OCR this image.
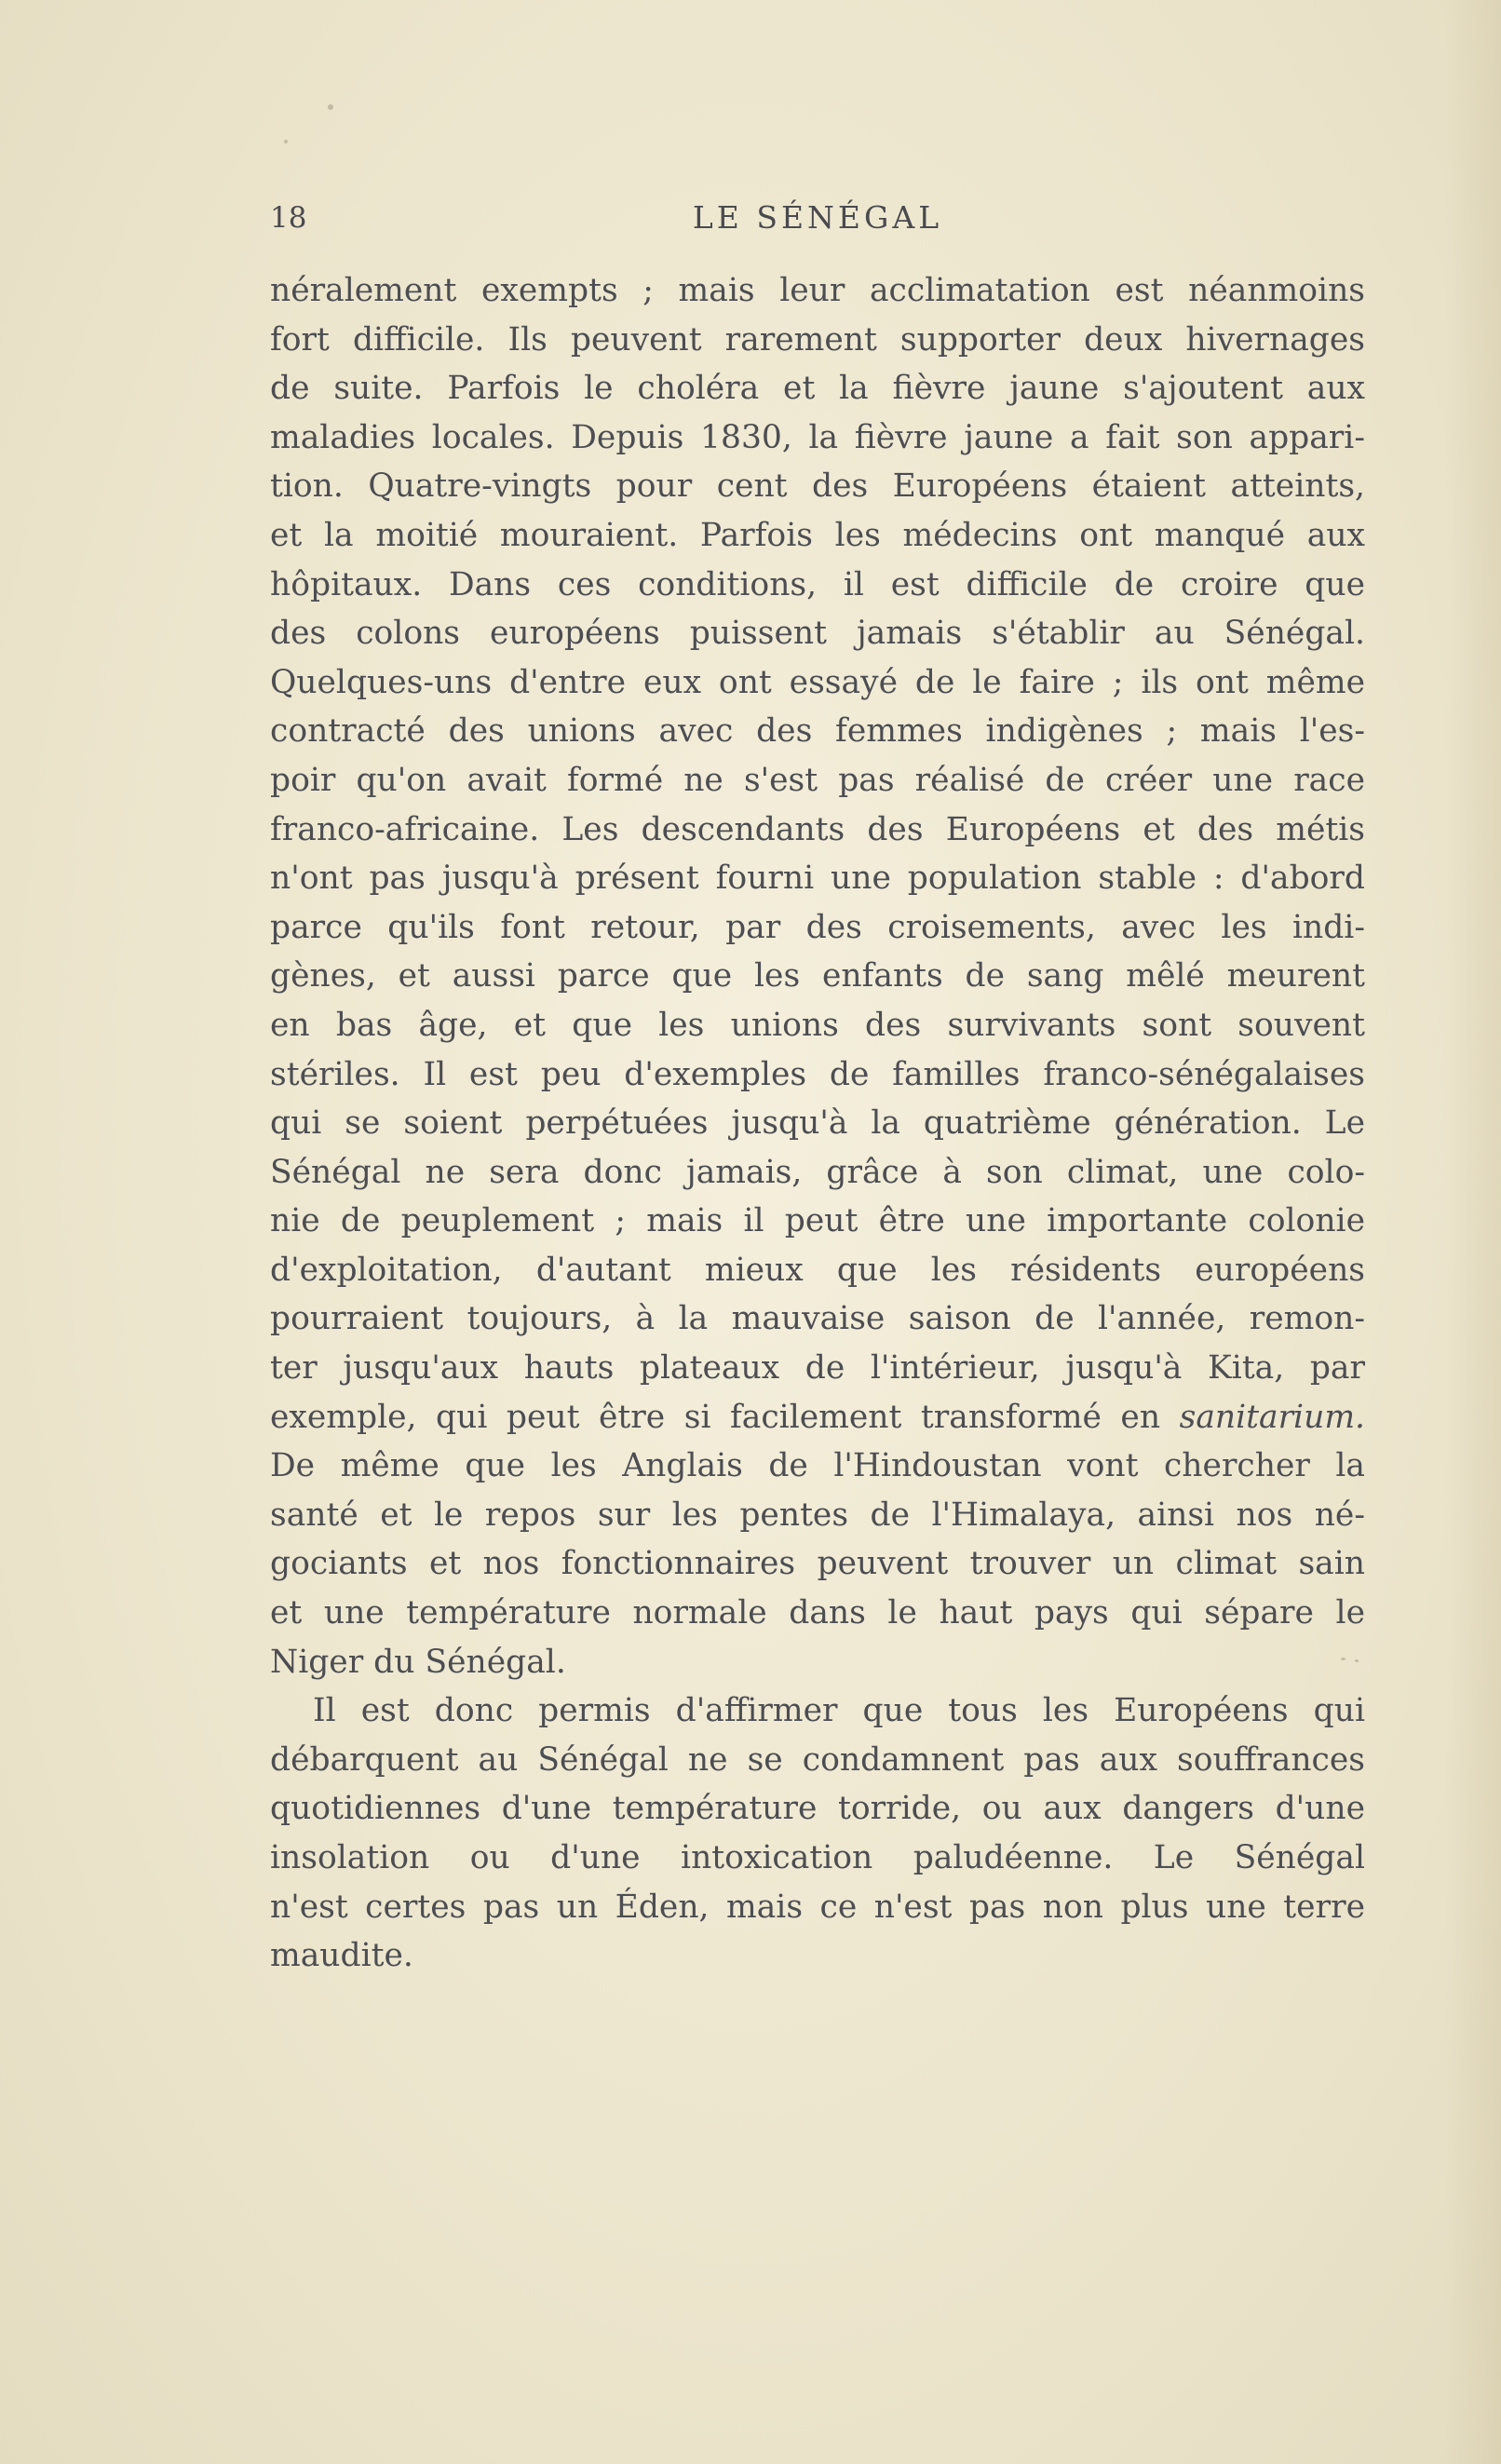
18	LE SÉNÉGAL
néralement exempts ; mais leur acclimatation est néanmoins
fort difficile. Ils peuvent rarement supporter deux hivernages
de suite. Parfois le choléra et la fièvre jaune s'ajoutent aux
maladies locales. Depuis 1830, la fièvre jaune a fait son appari-
tion. Quatre-vingts pour cent des Européens étaient atteints,
et la moitié mouraient. Parfois les médecins ont manqué aux
hôpitaux. Dans ces conditions, il est difficile de croire que
des colons européens puissent jamais s'établir au Sénégal.
Quelques-uns d'entre eux ont essayé de le faire ; ils ont même
contracté des unions avec des femmes indigènes ; mais l'es-
poir qu'on avait formé ne s'est pas réalisé de créer une race
franco-africaine. Les descendants des Européens et des métis
n'ont pas jusqu'à présent fourni une population stable : d'abord
parce qu'ils font retour, par des croisements, avec les indi-
gènes, et aussi parce que les enfants de sang mêlé meurent
en bas âge, et que les unions des survivants sont souvent
stériles. Il est peu d'exemples de familles franco-sénégalaises
qui se soient perpétuées jusqu'à la quatrième génération. Le
Sénégal ne sera donc jamais, grâce à son climat, une colo-
nie de peuplement ; mais il peut être une importante colonie
d'exploitation, d'autant mieux que les résidents européens
pourraient toujours, à la mauvaise saison de l'année, remon-
ter jusqu'aux hauts plateaux de l'intérieur, jusqu'à Kita, par
exemple, qui peut être si facilement transformé en sanitarium.
De même que les Anglais de l'Hindoustan vont chercher la
santé et le repos sur les pentes de l'Himalaya, ainsi nos né-
gociants et nos fonctionnaires peuvent trouver un climat sain
et une température normale dans le haut pays qui sépare le
Niger du Sénégal.
Il est donc permis d'affirmer que tous les Européens qui
débarquent au Sénégal ne se condamnent pas aux souffrances
quotidiennes d'une température torride, ou aux dangers d'une
insolation ou d'une intoxication paludéenne. Le Sénégal
n'est certes pas un Éden, mais ce n'est pas non plus une terre
maudite.
